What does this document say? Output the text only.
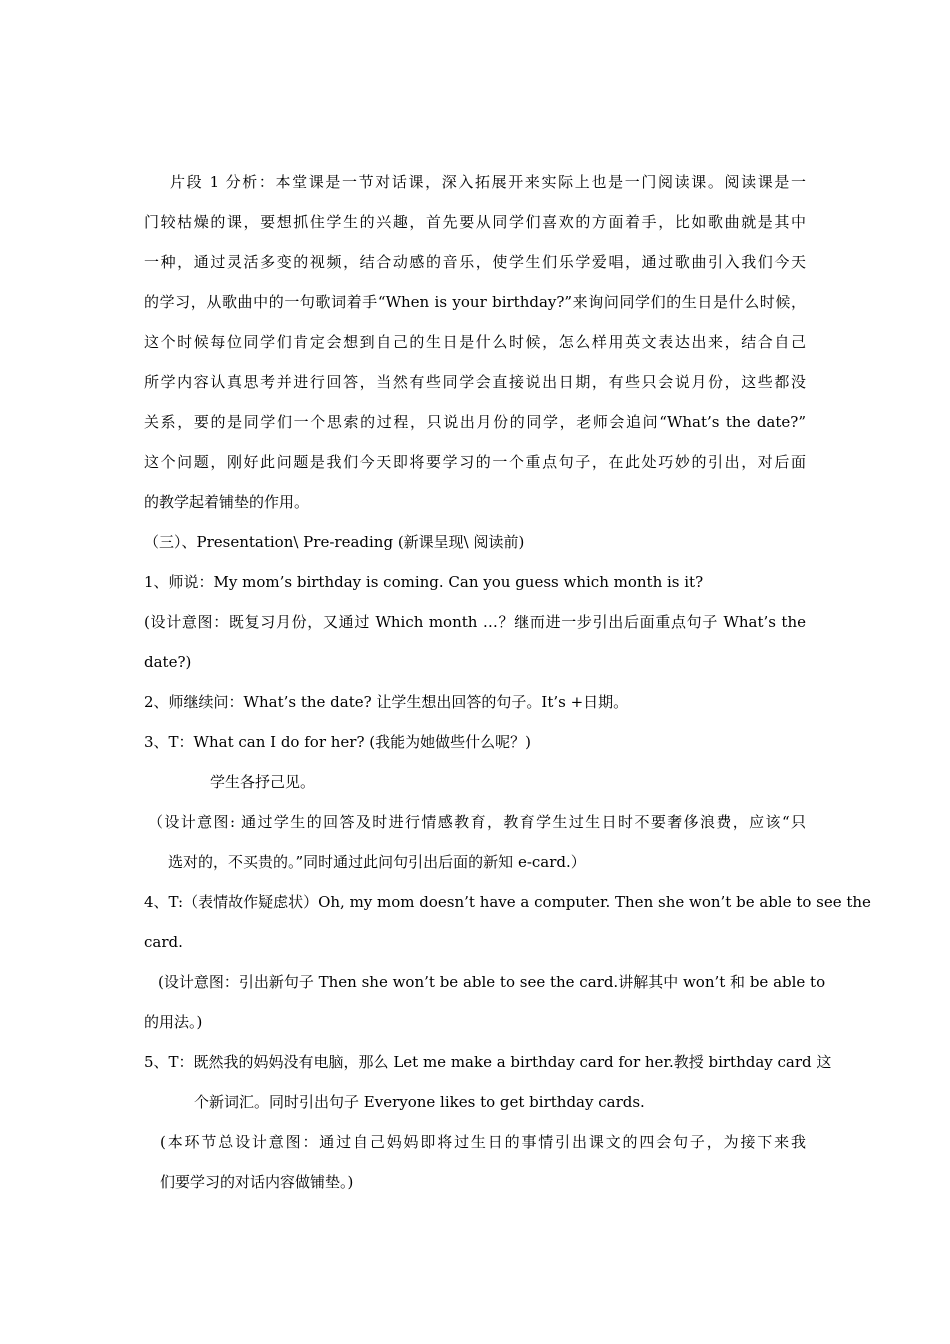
片段 1 分析：本堂课是一节对话课，深入拓展开来实际上也是一门阅读课。阅读课是一
门较枯燥的课，要想抓住学生的兴趣，首先要从同学们喜欢的方面着手，比如歌曲就是其中
一种，通过灵活多变的视频，结合动感的音乐，使学生们乐学爱唱，通过歌曲引入我们今天
的学习，从歌曲中的一句歌词着手“When is your birthday?”来询问同学们的生日是什么时候，
这个时候每位同学们肯定会想到自己的生日是什么时候，怎么样用英文表达出来，结合自己
所学内容认真思考并进行回答，当然有些同学会直接说出日期，有些只会说月份，这些都没
关系，要的是同学们一个思索的过程，只说出月份的同学，老师会追问“What’s the date?”
这个问题，刚好此问题是我们今天即将要学习的一个重点句子，在此处巧妙的引出，对后面
的教学起着铺垫的作用。
（三）、Presentation\ Pre-reading (新课呈现\ 阅读前)
1、师说：My mom’s birthday is coming. Can you guess which month is it?
(设计意图：既复习月份，又通过 Which month …？继而进一步引出后面重点句子 What’s the
date?)
2、师继续问：What’s the date? 让学生想出回答的句子。It’s +日期。
3、T：What can I do for her? (我能为她做些什么呢？)
学生各抒己见。
（设计意图: 通过学生的回答及时进行情感教育，教育学生过生日时不要奢侈浪费，应该“只
选对的，不买贵的。”同时通过此问句引出后面的新知 e-card.）
4、T:（表情故作疑虑状）Oh, my mom doesn’t have a computer. Then she won’t be able to see the
card.
(设计意图：引出新句子 Then she won’t be able to see the card.讲解其中 won’t 和 be able to
的用法。)
5、T：既然我的妈妈没有电脑，那么 Let me make a birthday card for her.教授 birthday card 这
个新词汇。同时引出句子 Everyone likes to get birthday cards.
(本环节总设计意图：通过自己妈妈即将过生日的事情引出课文的四会句子，为接下来我
们要学习的对话内容做铺垫。)
